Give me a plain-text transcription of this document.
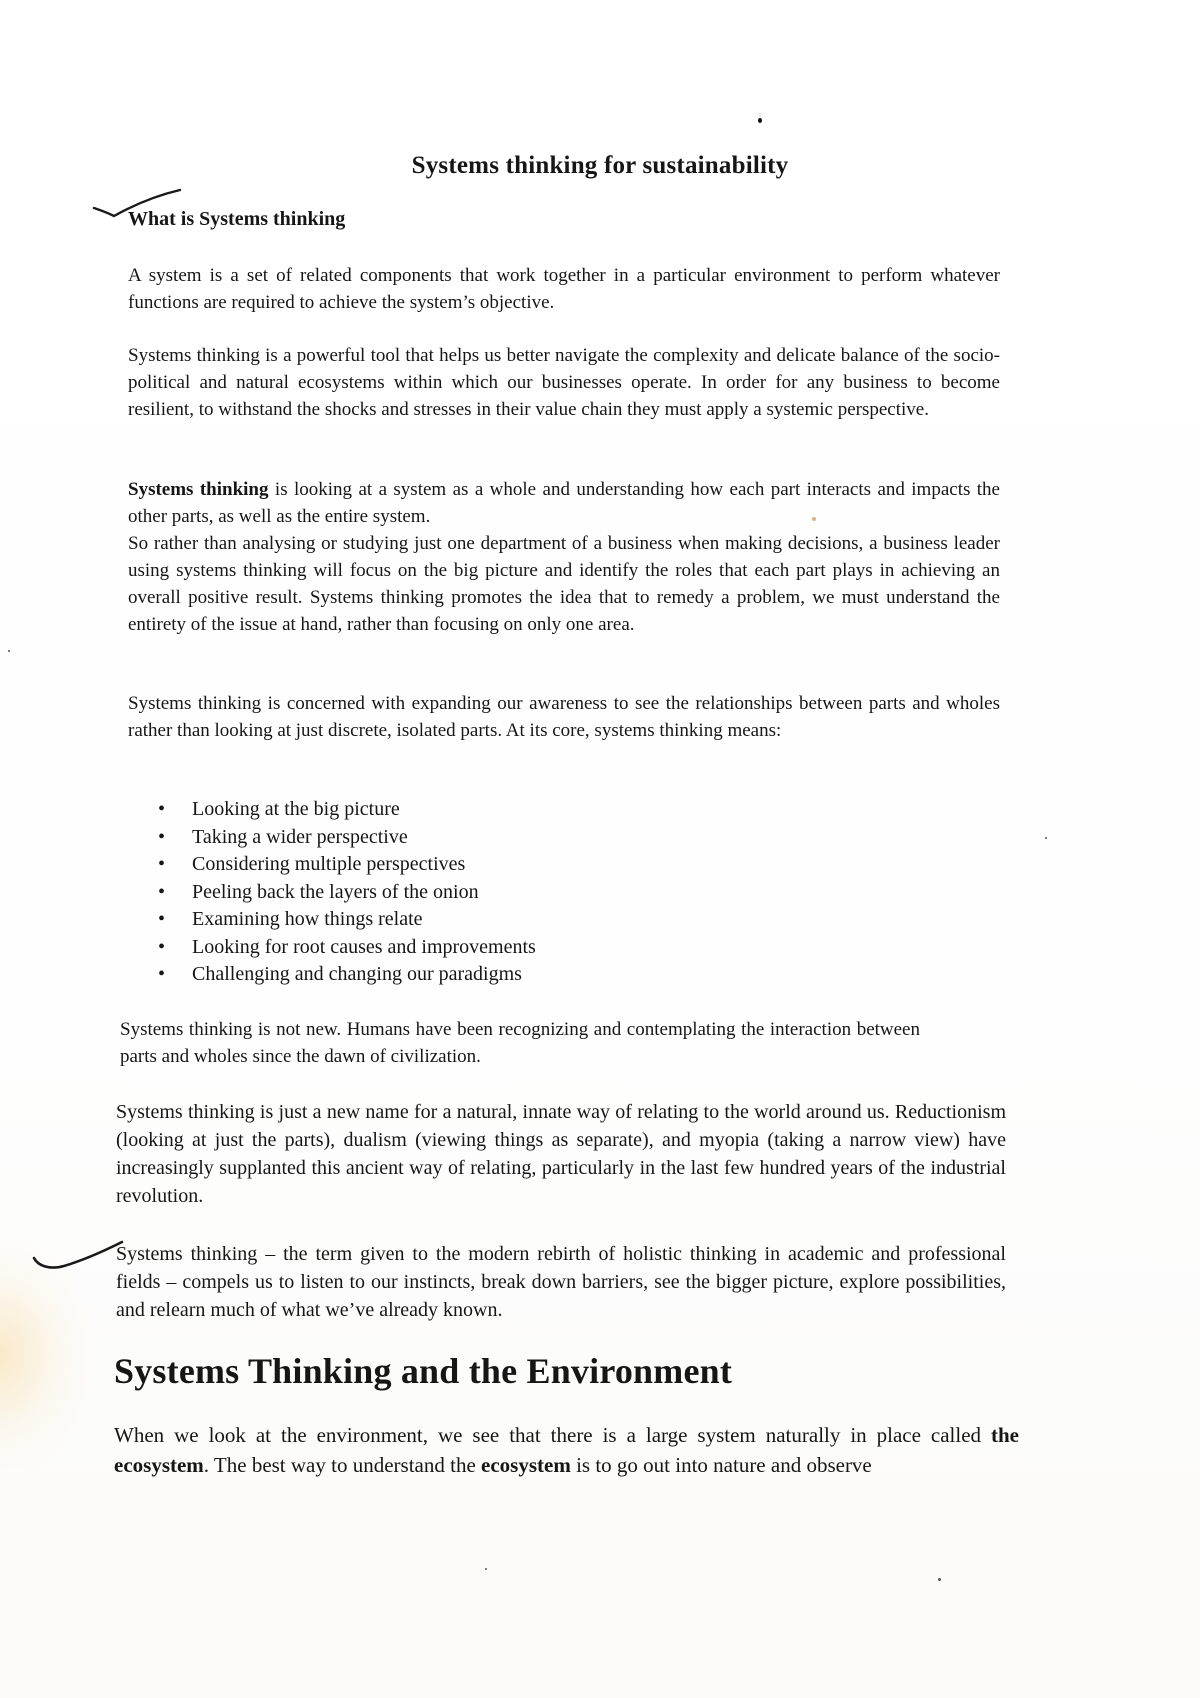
Systems thinking for sustainability
What is Systems thinking

A system is a set of related components that work together in a particular environment to perform whatever functions are required to achieve the system’s objective.

Systems thinking is a powerful tool that helps us better navigate the complexity and delicate balance of the socio-political and natural ecosystems within which our businesses operate. In order for any business to become resilient, to withstand the shocks and stresses in their value chain they must apply a systemic perspective.

Systems thinking is looking at a system as a whole and understanding how each part interacts and impacts the other parts, as well as the entire system.
So rather than analysing or studying just one department of a business when making decisions, a business leader using systems thinking will focus on the big picture and identify the roles that each part plays in achieving an overall positive result. Systems thinking promotes the idea that to remedy a problem, we must understand the entirety of the issue at hand, rather than focusing on only one area.

Systems thinking is concerned with expanding our awareness to see the relationships between parts and wholes rather than looking at just discrete, isolated parts. At its core, systems thinking means:

• Looking at the big picture
• Taking a wider perspective
• Considering multiple perspectives
• Peeling back the layers of the onion
• Examining how things relate
• Looking for root causes and improvements
• Challenging and changing our paradigms

Systems thinking is not new. Humans have been recognizing and contemplating the interaction between parts and wholes since the dawn of civilization.

Systems thinking is just a new name for a natural, innate way of relating to the world around us. Reductionism (looking at just the parts), dualism (viewing things as separate), and myopia (taking a narrow view) have increasingly supplanted this ancient way of relating, particularly in the last few hundred years of the industrial revolution.

Systems thinking – the term given to the modern rebirth of holistic thinking in academic and professional fields – compels us to listen to our instincts, break down barriers, see the bigger picture, explore possibilities, and relearn much of what we’ve already known.

Systems Thinking and the Environment

When we look at the environment, we see that there is a large system naturally in place called the ecosystem. The best way to understand the ecosystem is to go out into nature and observe
